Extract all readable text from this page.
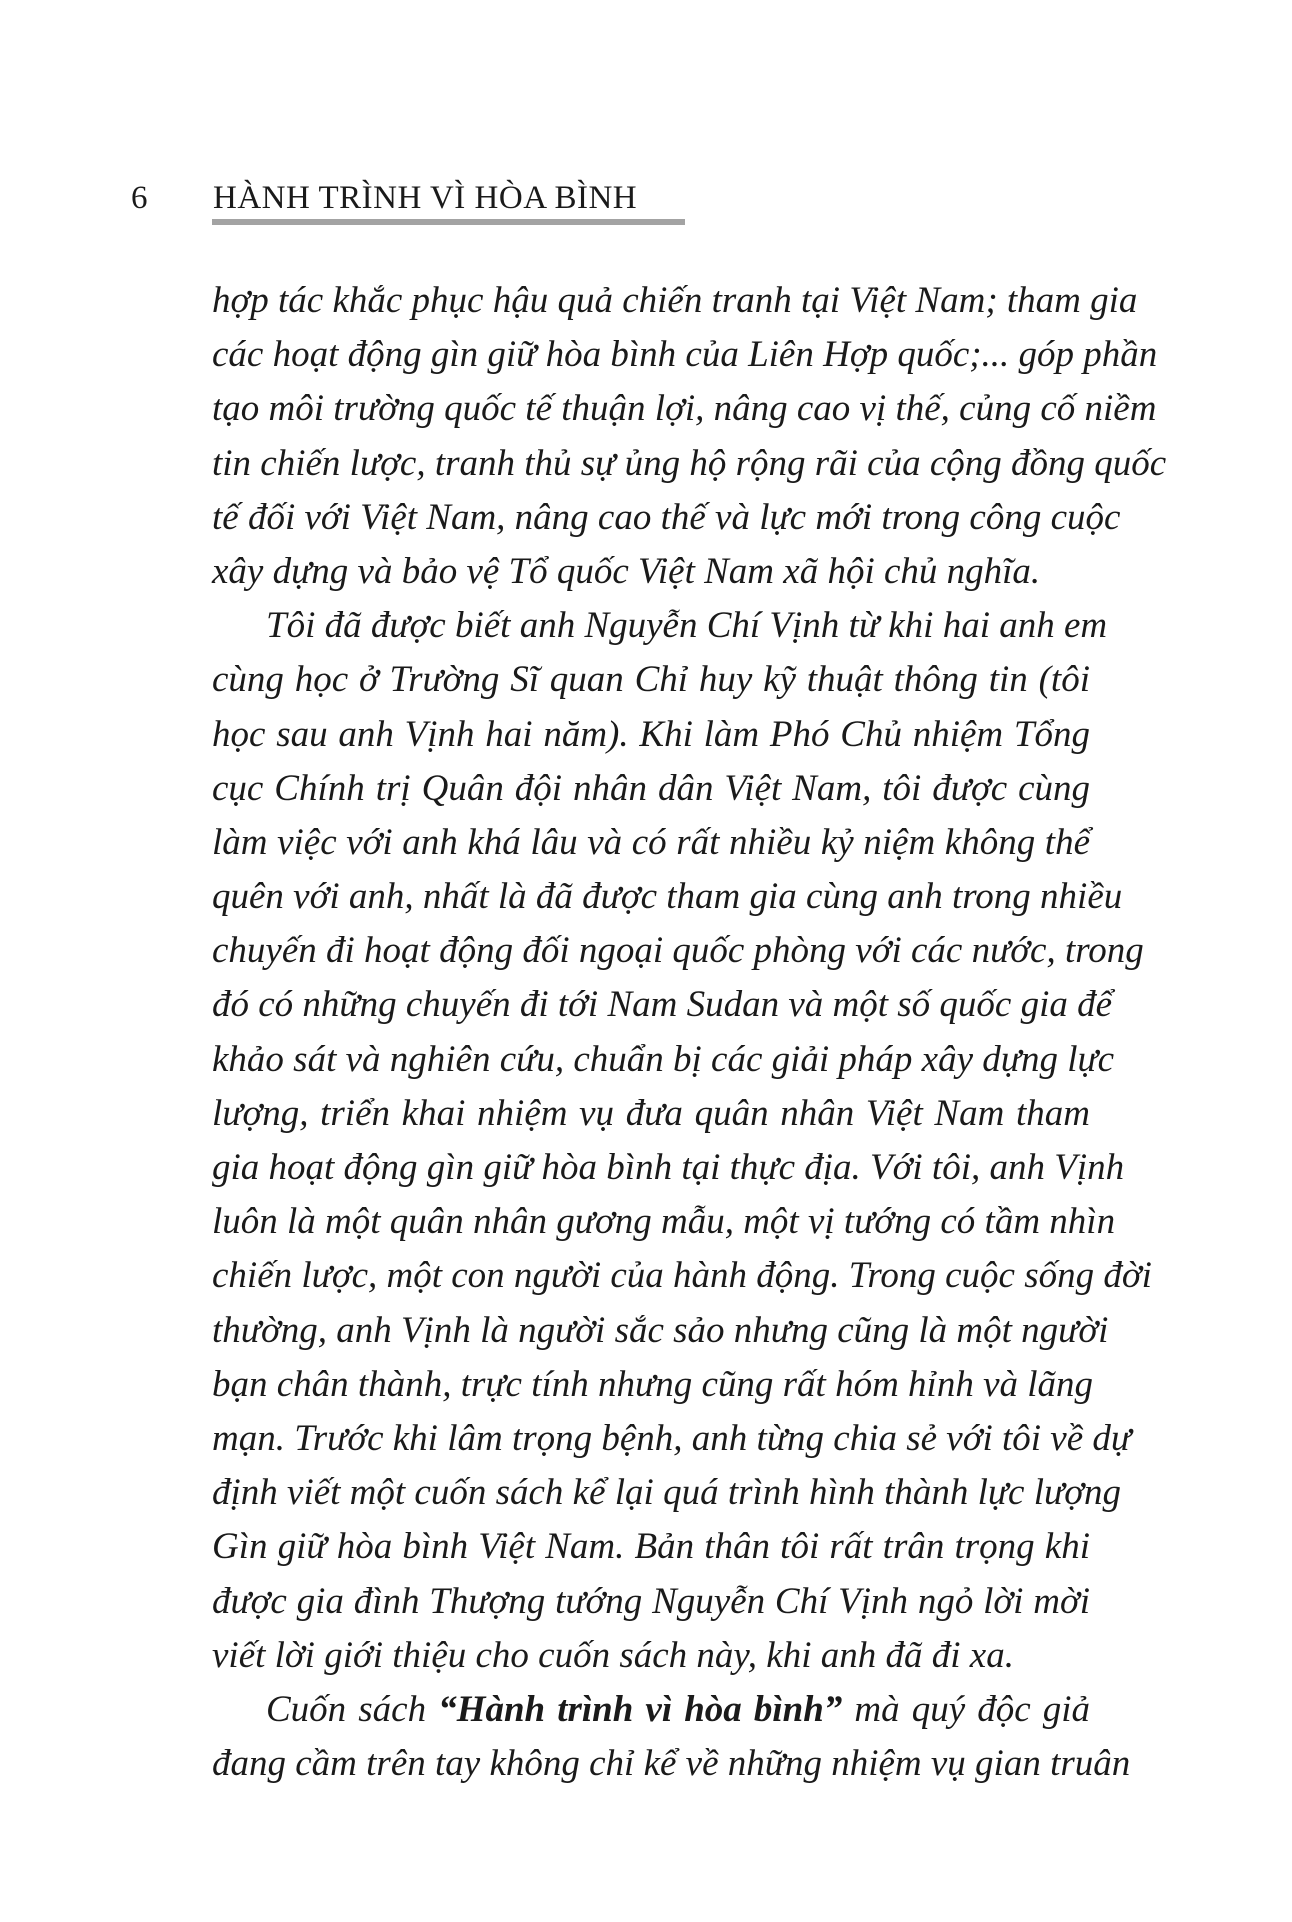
6 HÀNH TRÌNH VÌ HÒA BÌNH
hợp tác khắc phục hậu quả chiến tranh tại Việt Nam; tham gia
các hoạt động gìn giữ hòa bình của Liên Hợp quốc;... góp phần
tạo môi trường quốc tế thuận lợi, nâng cao vị thế, củng cố niềm
tin chiến lược, tranh thủ sự ủng hộ rộng rãi của cộng đồng quốc
tế đối với Việt Nam, nâng cao thế và lực mới trong công cuộc
xây dựng và bảo vệ Tổ quốc Việt Nam xã hội chủ nghĩa.
Tôi đã được biết anh Nguyễn Chí Vịnh từ khi hai anh em
cùng học ở Trường Sĩ quan Chỉ huy kỹ thuật thông tin (tôi
học sau anh Vịnh hai năm). Khi làm Phó Chủ nhiệm Tổng
cục Chính trị Quân đội nhân dân Việt Nam, tôi được cùng
làm việc với anh khá lâu và có rất nhiều kỷ niệm không thể
quên với anh, nhất là đã được tham gia cùng anh trong nhiều
chuyến đi hoạt động đối ngoại quốc phòng với các nước, trong
đó có những chuyến đi tới Nam Sudan và một số quốc gia để
khảo sát và nghiên cứu, chuẩn bị các giải pháp xây dựng lực
lượng, triển khai nhiệm vụ đưa quân nhân Việt Nam tham
gia hoạt động gìn giữ hòa bình tại thực địa. Với tôi, anh Vịnh
luôn là một quân nhân gương mẫu, một vị tướng có tầm nhìn
chiến lược, một con người của hành động. Trong cuộc sống đời
thường, anh Vịnh là người sắc sảo nhưng cũng là một người
bạn chân thành, trực tính nhưng cũng rất hóm hỉnh và lãng
mạn. Trước khi lâm trọng bệnh, anh từng chia sẻ với tôi về dự
định viết một cuốn sách kể lại quá trình hình thành lực lượng
Gìn giữ hòa bình Việt Nam. Bản thân tôi rất trân trọng khi
được gia đình Thượng tướng Nguyễn Chí Vịnh ngỏ lời mời
viết lời giới thiệu cho cuốn sách này, khi anh đã đi xa.
Cuốn sách “Hành trình vì hòa bình” mà quý độc giả
đang cầm trên tay không chỉ kể về những nhiệm vụ gian truân
